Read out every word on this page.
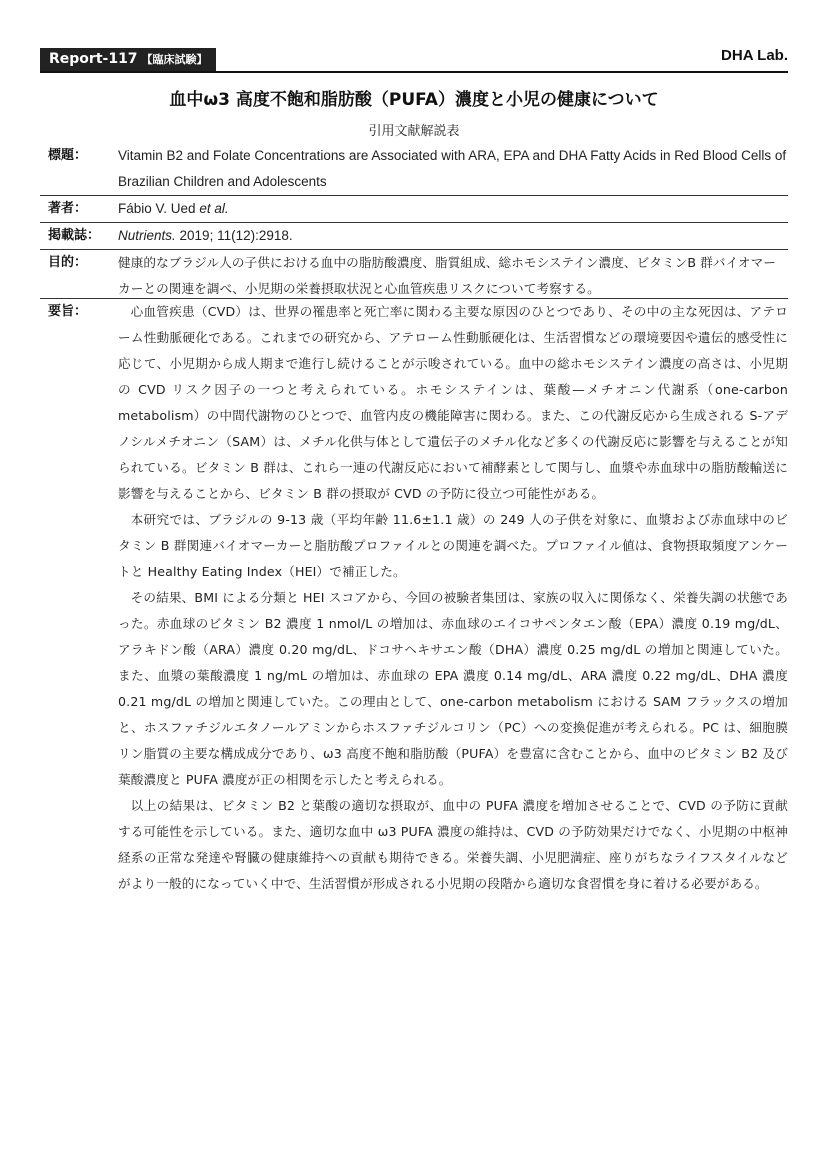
Report-117 【臨床試験】	DHA Lab.
血中ω3 高度不飽和脂肪酸（PUFA）濃度と小児の健康について
引用文献解説表
標題：	Vitamin B2 and Folate Concentrations are Associated with ARA, EPA and DHA Fatty Acids in Red Blood Cells of Brazilian Children and Adolescents
著者：	Fábio V. Ued et al.
掲載誌：	Nutrients. 2019; 11(12):2918.
目的：	健康的なブラジル人の子供における血中の脂肪酸濃度、脂質組成、総ホモシステイン濃度、ビタミンB 群バイオマーカーとの関連を調べ、小児期の栄養摂取状況と心血管疾患リスクについて考察する。
要旨：	心血管疾患（CVD）は、世界の罹患率と死亡率に関わる主要な原因のひとつであり、その中の主な死因は、アテローム性動脈硬化である。これまでの研究から、アテローム性動脈硬化は、生活習慣などの環境要因や遺伝的感受性に応じて、小児期から成人期まで進行し続けることが示唆されている。血中の総ホモシステイン濃度の高さは、小児期の CVD リスク因子の一つと考えられている。ホモシステインは、葉酸—メチオニン代謝系（one-carbon metabolism）の中間代謝物のひとつで、血管内皮の機能障害に関わる。また、この代謝反応から生成される S-アデノシルメチオニン（SAM）は、メチル化供与体として遺伝子のメチル化など多くの代謝反応に影響を与えることが知られている。ビタミン B 群は、これら一連の代謝反応において補酵素として関与し、血漿や赤血球中の脂肪酸輸送に影響を与えることから、ビタミン B 群の摂取が CVD の予防に役立つ可能性がある。

本研究では、ブラジルの 9-13 歳（平均年齢 11.6±1.1 歳）の 249 人の子供を対象に、血漿および赤血球中のビタミン B 群関連バイオマーカーと脂肪酸プロファイルとの関連を調べた。プロファイル値は、食物摂取頻度アンケートと Healthy Eating Index（HEI）で補正した。

その結果、BMI による分類と HEI スコアから、今回の被験者集団は、家族の収入に関係なく、栄養失調の状態であった。赤血球のビタミン B2 濃度 1 nmol/L の増加は、赤血球のエイコサペンタエン酸（EPA）濃度 0.19 mg/dL、アラキドン酸（ARA）濃度 0.20 mg/dL、ドコサヘキサエン酸（DHA）濃度 0.25 mg/dL の増加と関連していた。また、血漿の葉酸濃度 1 ng/mL の増加は、赤血球の EPA 濃度 0.14 mg/dL、ARA 濃度 0.22 mg/dL、DHA 濃度 0.21 mg/dL の増加と関連していた。この理由として、one-carbon metabolism における SAM フラックスの増加と、ホスファチジルエタノールアミンからホスファチジルコリン（PC）への変換促進が考えられる。PC は、細胞膜リン脂質の主要な構成成分であり、ω3 高度不飽和脂肪酸（PUFA）を豊富に含むことから、血中のビタミン B2 及び葉酸濃度と PUFA 濃度が正の相関を示したと考えられる。

以上の結果は、ビタミン B2 と葉酸の適切な摂取が、血中の PUFA 濃度を増加させることで、CVD の予防に貢献する可能性を示している。また、適切な血中 ω3 PUFA 濃度の維持は、CVD の予防効果だけでなく、小児期の中枢神経系の正常な発達や腎臓の健康維持への貢献も期待できる。栄養失調、小児肥満症、座りがちなライフスタイルなどがより一般的になっていく中で、生活習慣が形成される小児期の段階から適切な食習慣を身に着ける必要がある。
